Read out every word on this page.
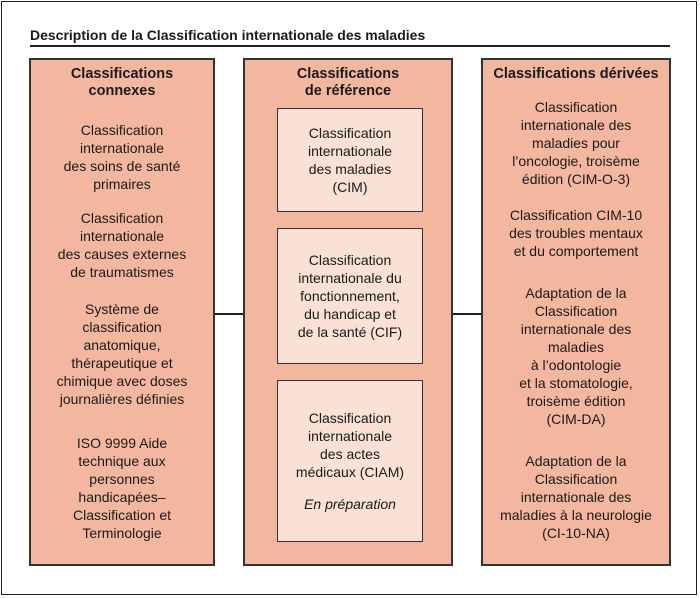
Description de la Classification internationale des maladies
Classifications
connexes
Classification
internationale
des soins de santé
primaires
Classification
internationale
des causes externes
de traumatismes
Système de
classification
anatomique,
thérapeutique et
chimique avec doses
journalières définies
ISO 9999 Aide
technique aux
personnes
handicapées–
Classification et
Terminologie
Classifications
de référence
Classification
internationale
des maladies
(CIM)
Classification
internationale du
fonctionnement,
du handicap et
de la santé (CIF)
Classification
internationale
des actes
médicaux (CIAM)
En préparation
Classifications dérivées
Classification
internationale des
maladies pour
l’oncologie, troisème
édition (CIM-O-3)
Classification CIM-10
des troubles mentaux
et du comportement
Adaptation de la
Classification
internationale des
maladies
à l’odontologie
et la stomatologie,
troisème édition
(CIM-DA)
Adaptation de la
Classification
internationale des
maladies à la neurologie
(CI-10-NA)
